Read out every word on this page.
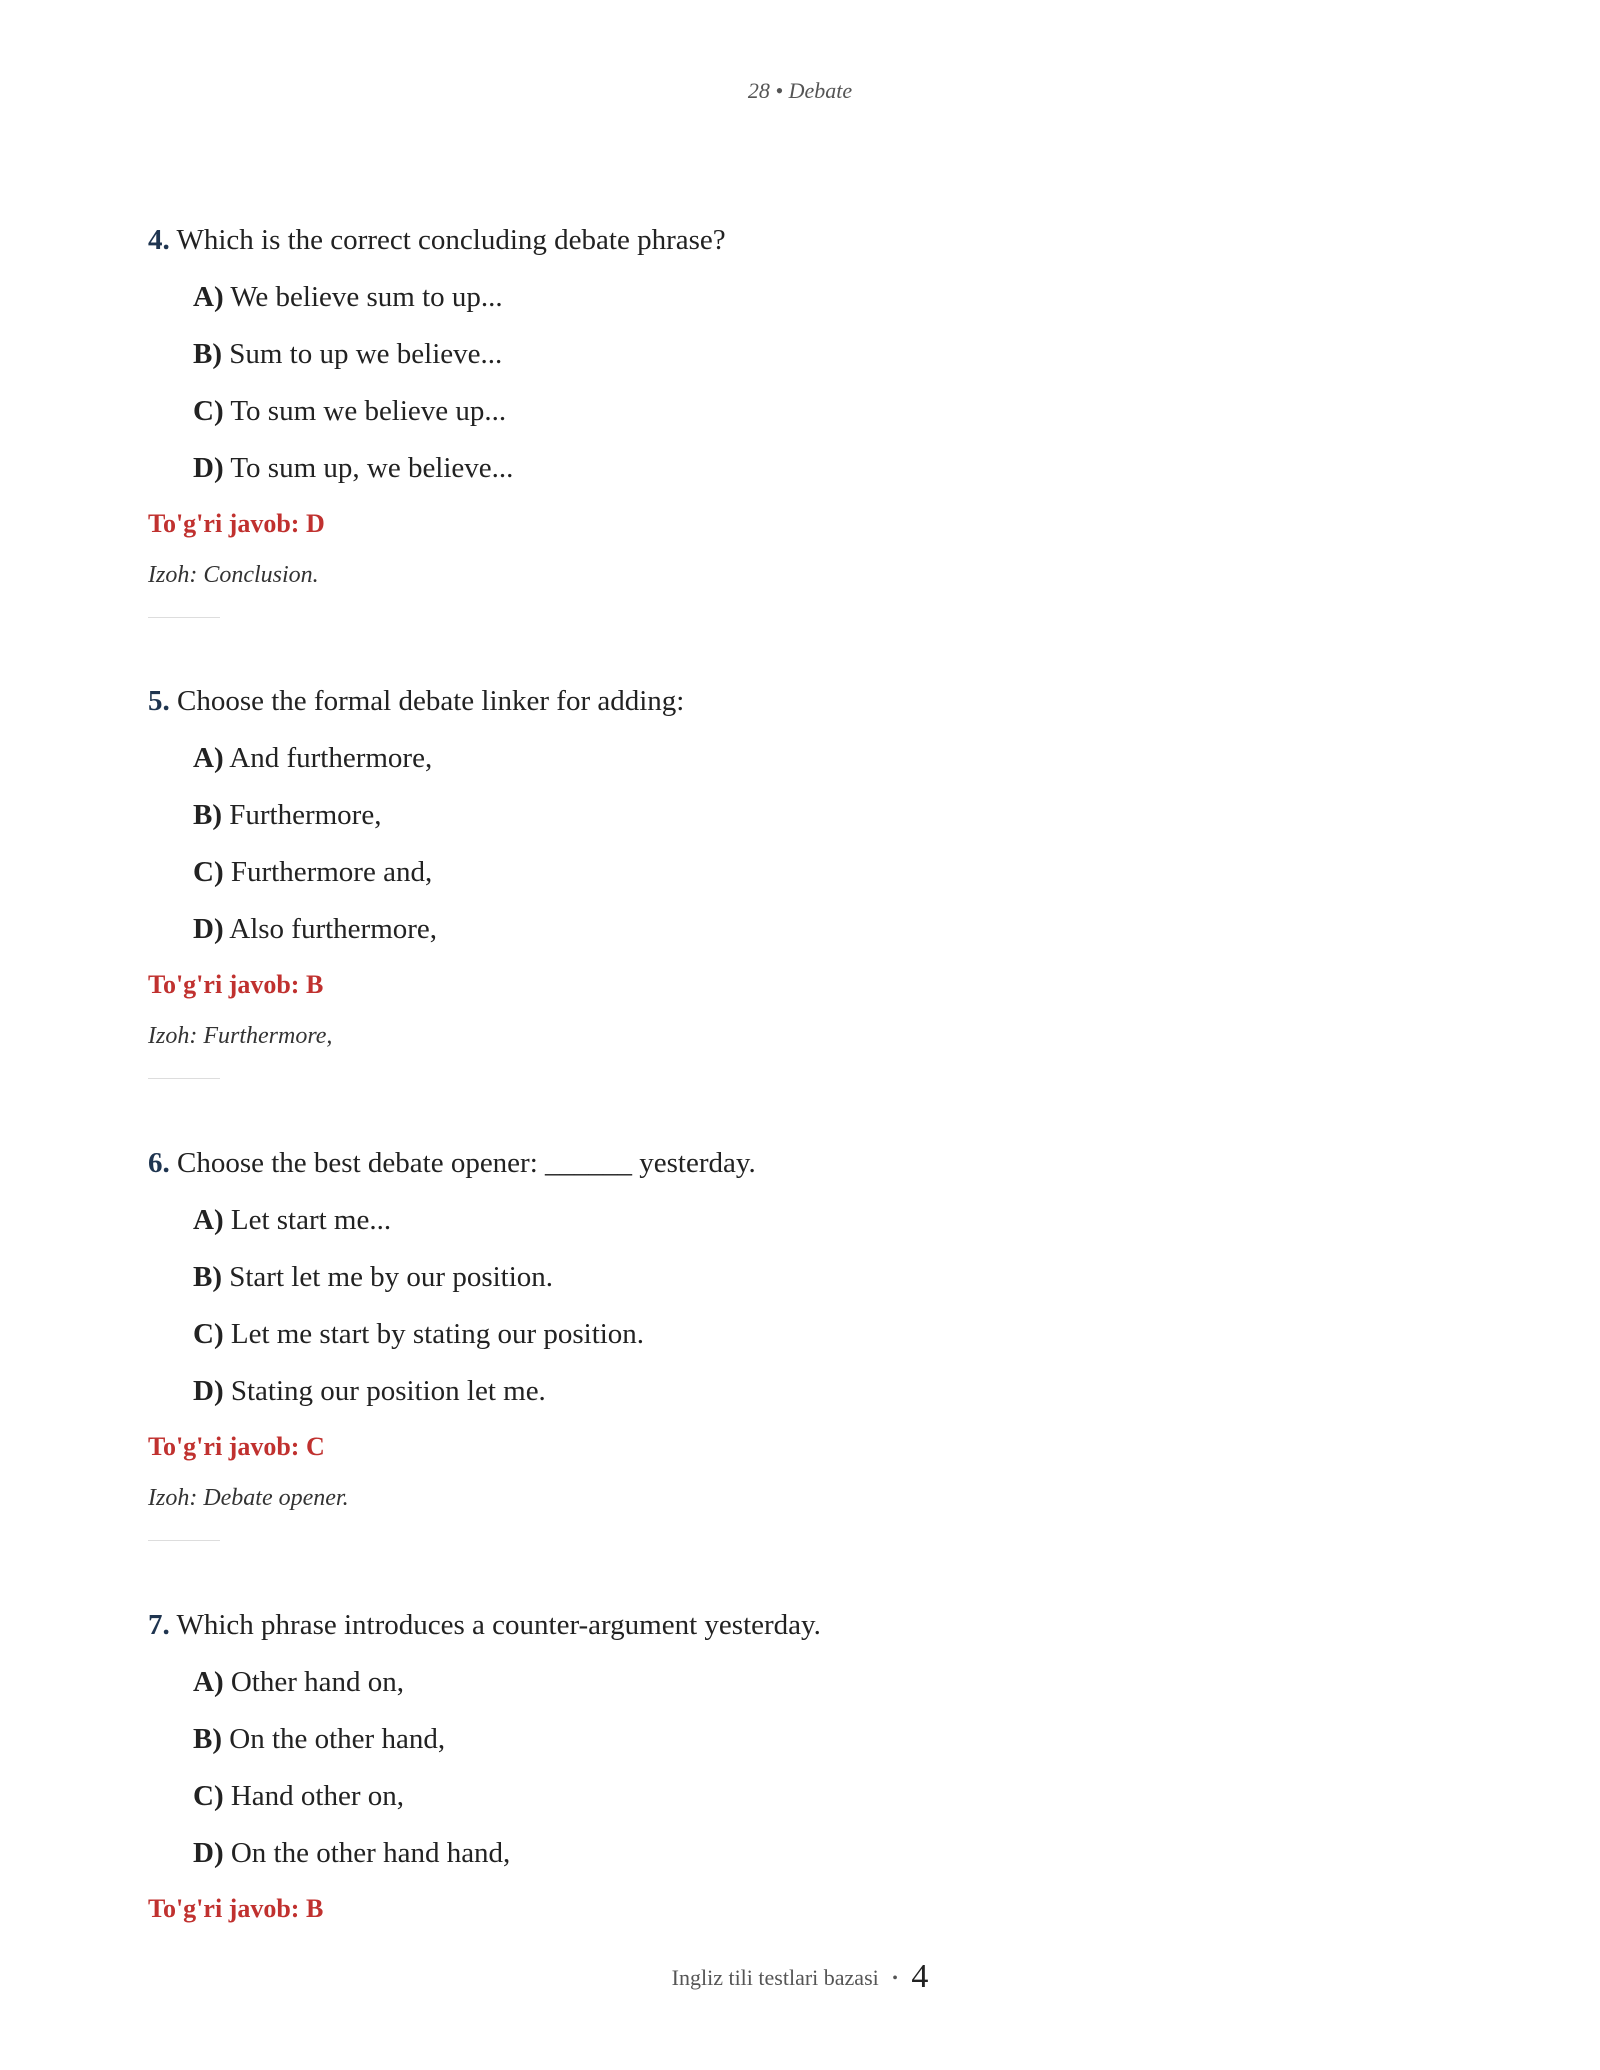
28 • Debate
4. Which is the correct concluding debate phrase?
A) We believe sum to up...
B) Sum to up we believe...
C) To sum we believe up...
D) To sum up, we believe...
To'g'ri javob: D
Izoh: Conclusion.
5. Choose the formal debate linker for adding:
A) And furthermore,
B) Furthermore,
C) Furthermore and,
D) Also furthermore,
To'g'ri javob: B
Izoh: Furthermore,
6. Choose the best debate opener: ______ yesterday.
A) Let start me...
B) Start let me by our position.
C) Let me start by stating our position.
D) Stating our position let me.
To'g'ri javob: C
Izoh: Debate opener.
7. Which phrase introduces a counter-argument yesterday.
A) Other hand on,
B) On the other hand,
C) Hand other on,
D) On the other hand hand,
To'g'ri javob: B
Ingliz tili testlari bazasi • 4
